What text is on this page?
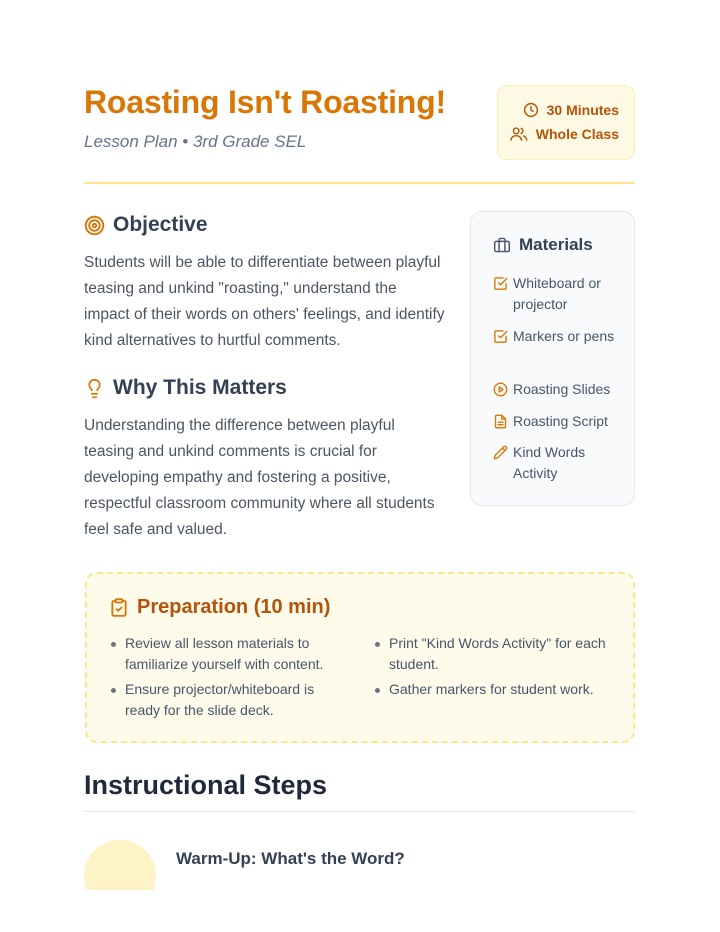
Roasting Isn't Roasting!
Lesson Plan • 3rd Grade SEL
30 Minutes
Whole Class
Objective

Students will be able to differentiate between playful teasing and unkind "roasting," understand the impact of their words on others' feelings, and identify kind alternatives to hurtful comments.

Why This Matters

Understanding the difference between playful teasing and unkind comments is crucial for developing empathy and fostering a positive, respectful classroom community where all students feel safe and valued.

Materials
Whiteboard or projector
Markers or pens
Roasting Slides
Roasting Script
Kind Words Activity
Preparation (10 min)
Review all lesson materials to familiarize yourself with content.
Ensure projector/whiteboard is ready for the slide deck.
Print "Kind Words Activity" for each student.
Gather markers for student work.
Instructional Steps
Warm-Up: What's the Word?
